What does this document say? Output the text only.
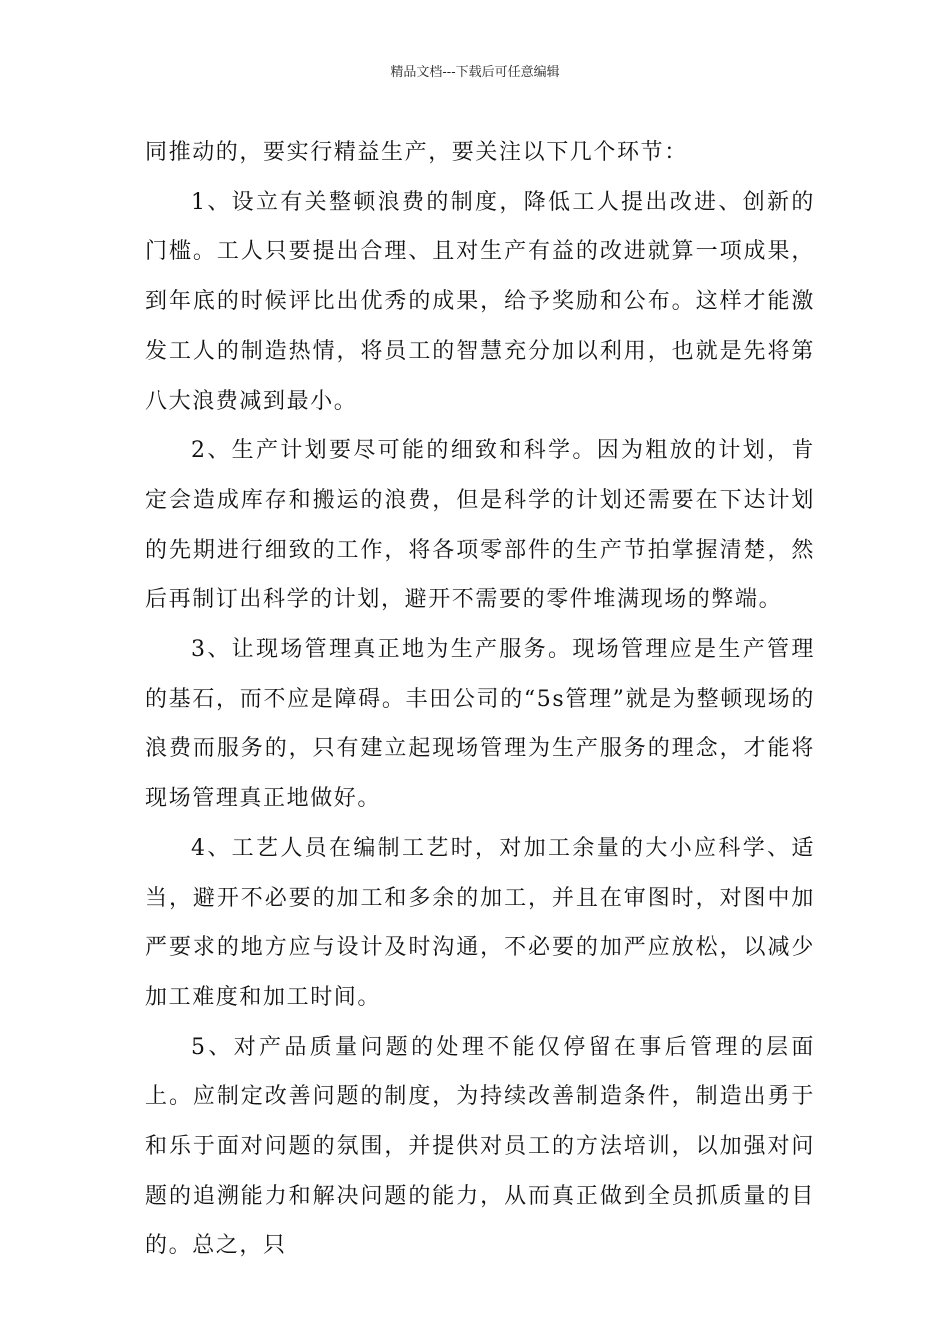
精品文档---下载后可任意编辑

同推动的，要实行精益生产，要关注以下几个环节：

1、设立有关整顿浪费的制度，降低工人提出改进、创新的门槛。工人只要提出合理、且对生产有益的改进就算一项成果，到年底的时候评比出优秀的成果，给予奖励和公布。这样才能激发工人的制造热情，将员工的智慧充分加以利用，也就是先将第八大浪费减到最小。

2、生产计划要尽可能的细致和科学。因为粗放的计划，肯定会造成库存和搬运的浪费，但是科学的计划还需要在下达计划的先期进行细致的工作，将各项零部件的生产节拍掌握清楚，然后再制订出科学的计划，避开不需要的零件堆满现场的弊端。

3、让现场管理真正地为生产服务。现场管理应是生产管理的基石，而不应是障碍。丰田公司的“5s管理”就是为整顿现场的浪费而服务的，只有建立起现场管理为生产服务的理念，才能将现场管理真正地做好。

4、工艺人员在编制工艺时，对加工余量的大小应科学、适当，避开不必要的加工和多余的加工，并且在审图时，对图中加严要求的地方应与设计及时沟通，不必要的加严应放松，以减少加工难度和加工时间。

5、对产品质量问题的处理不能仅停留在事后管理的层面上。应制定改善问题的制度，为持续改善制造条件，制造出勇于和乐于面对问题的氛围，并提供对员工的方法培训，以加强对问题的追溯能力和解决问题的能力，从而真正做到全员抓质量的目的。总之，只
